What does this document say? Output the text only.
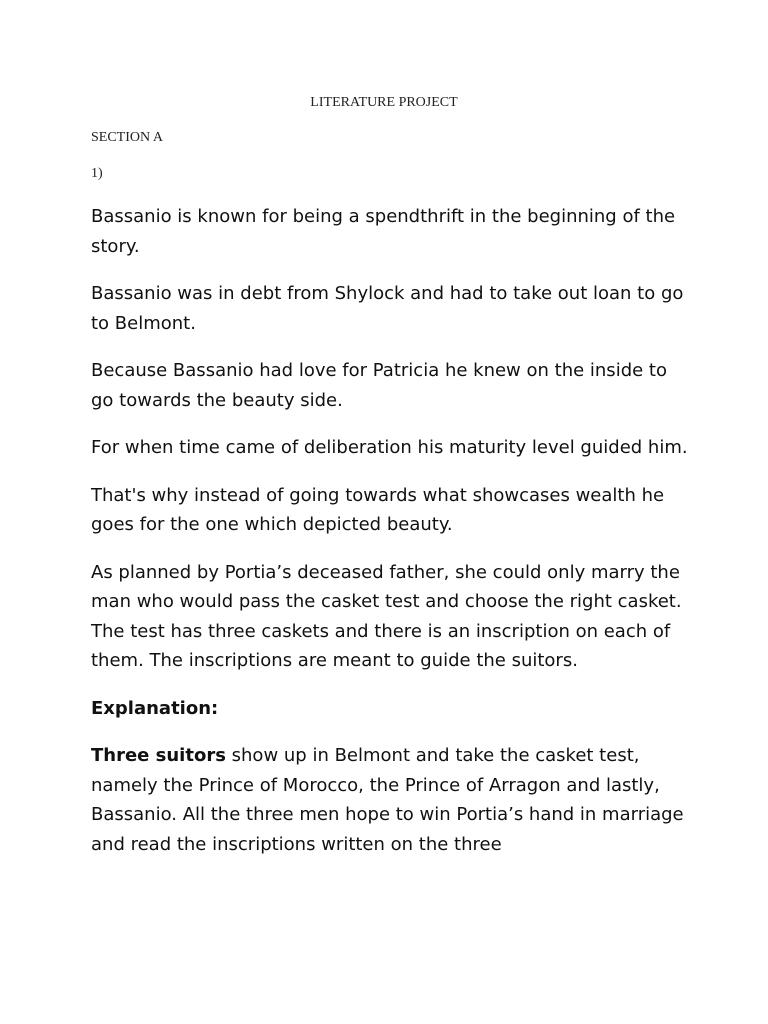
LITERATURE PROJECT

SECTION A

1)

Bassanio is known for being a spendthrift in the beginning of the story.

Bassanio was in debt from Shylock and had to take out loan to go to Belmont.

Because Bassanio had love for Patricia he knew on the inside to go towards the beauty side.

For when time came of deliberation his maturity level guided him.

That's why instead of going towards what showcases wealth he goes for the one which depicted beauty.

As planned by Portia’s deceased father, she could only marry the man who would pass the casket test and choose the right casket. The test has three caskets and there is an inscription on each of them. The inscriptions are meant to guide the suitors.

Explanation:

Three suitors show up in Belmont and take the casket test, namely the Prince of Morocco, the Prince of Arragon and lastly, Bassanio. All the three men hope to win Portia’s hand in marriage and read the inscriptions written on the three
